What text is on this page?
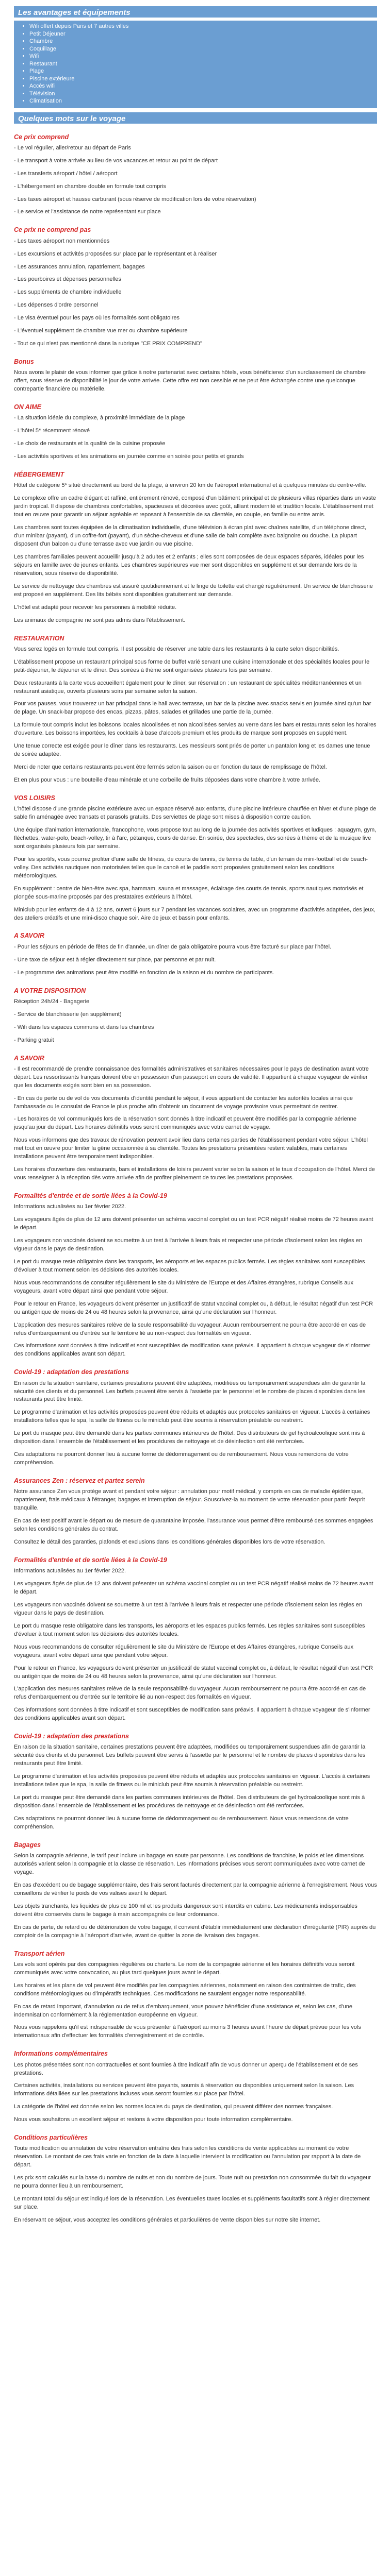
Les avantages et équipements
• Wifi offert depuis Paris et 7 autres villes
• Petit Déjeuner
• Chambre
• Coquillage
• Wifi
• Restaurant
• Plage
• Piscine extérieure
• Accès wifi
• Télévision
• Climatisation
Quelques mots sur le voyage
Ce prix comprend

- Le vol régulier, aller/retour au départ de Paris

- Le transport à votre arrivée au lieu de vos vacances et retour au point de départ

- Les transferts aéroport / hôtel / aéroport

- L'hébergement en chambre double en formule tout compris

- Les taxes aéroport et hausse carburant (sous réserve de modification lors de votre réservation)

- Le service et l'assistance de notre représentant sur place

Ce prix ne comprend pas

- Les taxes aéroport non mentionnées

- Les excursions et activités proposées sur place par le représentant et à réaliser

- Les assurances annulation, rapatriement, bagages

- Les pourboires et dépenses personnelles

- Les suppléments de chambre individuelle

- Les dépenses d'ordre personnel

- Le visa éventuel pour les pays où les formalités sont obligatoires

- L'éventuel supplément de chambre vue mer ou chambre supérieure

- Tout ce qui n'est pas mentionné dans la rubrique "CE PRIX COMPREND"

Bonus

Nous avons le plaisir de vous informer que grâce à notre partenariat avec certains hôtels, vous bénéficierez d'un surclassement de chambre offert, sous réserve de disponibilité le jour de votre arrivée. Cette offre est non cessible et ne peut être échangée contre une quelconque contrepartie financière ou matérielle.

ON AIME

- La situation idéale du complexe, à proximité immédiate de la plage

- L'hôtel 5* récemment rénové

- Le choix de restaurants et la qualité de la cuisine proposée

- Les activités sportives et les animations en journée comme en soirée pour petits et grands

HÉBERGEMENT

Hôtel de catégorie 5* situé directement au bord de la plage, à environ 20 km de l'aéroport international et à quelques minutes du centre-ville.

Le complexe offre un cadre élégant et raffiné, entièrement rénové, composé d'un bâtiment principal et de plusieurs villas réparties dans un vaste jardin tropical. Il dispose de chambres confortables, spacieuses et décorées avec goût, alliant modernité et tradition locale. L'établissement met tout en œuvre pour garantir un séjour agréable et reposant à l'ensemble de sa clientèle, en couple, en famille ou entre amis.

Les chambres sont toutes équipées de la climatisation individuelle, d'une télévision à écran plat avec chaînes satellite, d'un téléphone direct, d'un minibar (payant), d'un coffre-fort (payant), d'un sèche-cheveux et d'une salle de bain complète avec baignoire ou douche. La plupart disposent d'un balcon ou d'une terrasse avec vue jardin ou vue piscine.

Les chambres familiales peuvent accueillir jusqu'à 2 adultes et 2 enfants ; elles sont composées de deux espaces séparés, idéales pour les séjours en famille avec de jeunes enfants. Les chambres supérieures vue mer sont disponibles en supplément et sur demande lors de la réservation, sous réserve de disponibilité.

Le service de nettoyage des chambres est assuré quotidiennement et le linge de toilette est changé régulièrement. Un service de blanchisserie est proposé en supplément. Des lits bébés sont disponibles gratuitement sur demande.

L'hôtel est adapté pour recevoir les personnes à mobilité réduite.

Les animaux de compagnie ne sont pas admis dans l'établissement.

RESTAURATION

Vous serez logés en formule tout compris. Il est possible de réserver une table dans les restaurants à la carte selon disponibilités.

L'établissement propose un restaurant principal sous forme de buffet varié servant une cuisine internationale et des spécialités locales pour le petit-déjeuner, le déjeuner et le dîner. Des soirées à thème sont organisées plusieurs fois par semaine.

Deux restaurants à la carte vous accueillent également pour le dîner, sur réservation : un restaurant de spécialités méditerranéennes et un restaurant asiatique, ouverts plusieurs soirs par semaine selon la saison.

Pour vos pauses, vous trouverez un bar principal dans le hall avec terrasse, un bar de la piscine avec snacks servis en journée ainsi qu'un bar de plage. Un snack-bar propose des encas, pizzas, pâtes, salades et grillades une partie de la journée.

La formule tout compris inclut les boissons locales alcoolisées et non alcoolisées servies au verre dans les bars et restaurants selon les horaires d'ouverture. Les boissons importées, les cocktails à base d'alcools premium et les produits de marque sont proposés en supplément.

Une tenue correcte est exigée pour le dîner dans les restaurants. Les messieurs sont priés de porter un pantalon long et les dames une tenue de soirée adaptée.

Merci de noter que certains restaurants peuvent être fermés selon la saison ou en fonction du taux de remplissage de l'hôtel.

Et en plus pour vous : une bouteille d'eau minérale et une corbeille de fruits déposées dans votre chambre à votre arrivée.

VOS LOISIRS

L'hôtel dispose d'une grande piscine extérieure avec un espace réservé aux enfants, d'une piscine intérieure chauffée en hiver et d'une plage de sable fin aménagée avec transats et parasols gratuits. Des serviettes de plage sont mises à disposition contre caution.

Une équipe d'animation internationale, francophone, vous propose tout au long de la journée des activités sportives et ludiques : aquagym, gym, fléchettes, water-polo, beach-volley, tir à l'arc, pétanque, cours de danse. En soirée, des spectacles, des soirées à thème et de la musique live sont organisés plusieurs fois par semaine.

Pour les sportifs, vous pourrez profiter d'une salle de fitness, de courts de tennis, de tennis de table, d'un terrain de mini-football et de beach-volley. Des activités nautiques non motorisées telles que le canoë et le paddle sont proposées gratuitement selon les conditions météorologiques.

En supplément : centre de bien-être avec spa, hammam, sauna et massages, éclairage des courts de tennis, sports nautiques motorisés et plongée sous-marine proposés par des prestataires extérieurs à l'hôtel.

Miniclub pour les enfants de 4 à 12 ans, ouvert 6 jours sur 7 pendant les vacances scolaires, avec un programme d'activités adaptées, des jeux, des ateliers créatifs et une mini-disco chaque soir. Aire de jeux et bassin pour enfants.

A SAVOIR

- Pour les séjours en période de fêtes de fin d'année, un dîner de gala obligatoire pourra vous être facturé sur place par l'hôtel.

- Une taxe de séjour est à régler directement sur place, par personne et par nuit.

- Le programme des animations peut être modifié en fonction de la saison et du nombre de participants.

A VOTRE DISPOSITION

Réception 24h/24 - Bagagerie

- Service de blanchisserie (en supplément)

- Wifi dans les espaces communs et dans les chambres

- Parking gratuit

A SAVOIR

- Il est recommandé de prendre connaissance des formalités administratives et sanitaires nécessaires pour le pays de destination avant votre départ. Les ressortissants français doivent être en possession d'un passeport en cours de validité. Il appartient à chaque voyageur de vérifier que les documents exigés sont bien en sa possession.

- En cas de perte ou de vol de vos documents d'identité pendant le séjour, il vous appartient de contacter les autorités locales ainsi que l'ambassade ou le consulat de France le plus proche afin d'obtenir un document de voyage provisoire vous permettant de rentrer.

- Les horaires de vol communiqués lors de la réservation sont donnés à titre indicatif et peuvent être modifiés par la compagnie aérienne jusqu'au jour du départ. Les horaires définitifs vous seront communiqués avec votre carnet de voyage.

Nous vous informons que des travaux de rénovation peuvent avoir lieu dans certaines parties de l'établissement pendant votre séjour. L'hôtel met tout en œuvre pour limiter la gêne occasionnée à sa clientèle. Toutes les prestations présentées restent valables, mais certaines installations peuvent être temporairement indisponibles.

Les horaires d'ouverture des restaurants, bars et installations de loisirs peuvent varier selon la saison et le taux d'occupation de l'hôtel. Merci de vous renseigner à la réception dès votre arrivée afin de profiter pleinement de toutes les prestations proposées.

Formalités d'entrée et de sortie liées à la Covid-19

Informations actualisées au 1er février 2022.

Les voyageurs âgés de plus de 12 ans doivent présenter un schéma vaccinal complet ou un test PCR négatif réalisé moins de 72 heures avant le départ.

Les voyageurs non vaccinés doivent se soumettre à un test à l'arrivée à leurs frais et respecter une période d'isolement selon les règles en vigueur dans le pays de destination.

Le port du masque reste obligatoire dans les transports, les aéroports et les espaces publics fermés. Les règles sanitaires sont susceptibles d'évoluer à tout moment selon les décisions des autorités locales.

Nous vous recommandons de consulter régulièrement le site du Ministère de l'Europe et des Affaires étrangères, rubrique Conseils aux voyageurs, avant votre départ ainsi que pendant votre séjour.

Pour le retour en France, les voyageurs doivent présenter un justificatif de statut vaccinal complet ou, à défaut, le résultat négatif d'un test PCR ou antigénique de moins de 24 ou 48 heures selon la provenance, ainsi qu'une déclaration sur l'honneur.

L'application des mesures sanitaires relève de la seule responsabilité du voyageur. Aucun remboursement ne pourra être accordé en cas de refus d'embarquement ou d'entrée sur le territoire lié au non-respect des formalités en vigueur.

Ces informations sont données à titre indicatif et sont susceptibles de modification sans préavis. Il appartient à chaque voyageur de s'informer des conditions applicables avant son départ.

Covid-19 : adaptation des prestations

En raison de la situation sanitaire, certaines prestations peuvent être adaptées, modifiées ou temporairement suspendues afin de garantir la sécurité des clients et du personnel. Les buffets peuvent être servis à l'assiette par le personnel et le nombre de places disponibles dans les restaurants peut être limité.

Le programme d'animation et les activités proposées peuvent être réduits et adaptés aux protocoles sanitaires en vigueur. L'accès à certaines installations telles que le spa, la salle de fitness ou le miniclub peut être soumis à réservation préalable ou restreint.

Le port du masque peut être demandé dans les parties communes intérieures de l'hôtel. Des distributeurs de gel hydroalcoolique sont mis à disposition dans l'ensemble de l'établissement et les procédures de nettoyage et de désinfection ont été renforcées.

Ces adaptations ne pourront donner lieu à aucune forme de dédommagement ou de remboursement. Nous vous remercions de votre compréhension.

Assurances Zen : réservez et partez serein

Notre assurance Zen vous protège avant et pendant votre séjour : annulation pour motif médical, y compris en cas de maladie épidémique, rapatriement, frais médicaux à l'étranger, bagages et interruption de séjour. Souscrivez-la au moment de votre réservation pour partir l'esprit tranquille.

En cas de test positif avant le départ ou de mesure de quarantaine imposée, l'assurance vous permet d'être remboursé des sommes engagées selon les conditions générales du contrat.

Consultez le détail des garanties, plafonds et exclusions dans les conditions générales disponibles lors de votre réservation.

Formalités d'entrée et de sortie liées à la Covid-19

Informations actualisées au 1er février 2022.

Les voyageurs âgés de plus de 12 ans doivent présenter un schéma vaccinal complet ou un test PCR négatif réalisé moins de 72 heures avant le départ.

Les voyageurs non vaccinés doivent se soumettre à un test à l'arrivée à leurs frais et respecter une période d'isolement selon les règles en vigueur dans le pays de destination.

Le port du masque reste obligatoire dans les transports, les aéroports et les espaces publics fermés. Les règles sanitaires sont susceptibles d'évoluer à tout moment selon les décisions des autorités locales.

Nous vous recommandons de consulter régulièrement le site du Ministère de l'Europe et des Affaires étrangères, rubrique Conseils aux voyageurs, avant votre départ ainsi que pendant votre séjour.

Pour le retour en France, les voyageurs doivent présenter un justificatif de statut vaccinal complet ou, à défaut, le résultat négatif d'un test PCR ou antigénique de moins de 24 ou 48 heures selon la provenance, ainsi qu'une déclaration sur l'honneur.

L'application des mesures sanitaires relève de la seule responsabilité du voyageur. Aucun remboursement ne pourra être accordé en cas de refus d'embarquement ou d'entrée sur le territoire lié au non-respect des formalités en vigueur.

Ces informations sont données à titre indicatif et sont susceptibles de modification sans préavis. Il appartient à chaque voyageur de s'informer des conditions applicables avant son départ.

Covid-19 : adaptation des prestations

En raison de la situation sanitaire, certaines prestations peuvent être adaptées, modifiées ou temporairement suspendues afin de garantir la sécurité des clients et du personnel. Les buffets peuvent être servis à l'assiette par le personnel et le nombre de places disponibles dans les restaurants peut être limité.

Le programme d'animation et les activités proposées peuvent être réduits et adaptés aux protocoles sanitaires en vigueur. L'accès à certaines installations telles que le spa, la salle de fitness ou le miniclub peut être soumis à réservation préalable ou restreint.

Le port du masque peut être demandé dans les parties communes intérieures de l'hôtel. Des distributeurs de gel hydroalcoolique sont mis à disposition dans l'ensemble de l'établissement et les procédures de nettoyage et de désinfection ont été renforcées.

Ces adaptations ne pourront donner lieu à aucune forme de dédommagement ou de remboursement. Nous vous remercions de votre compréhension.

Bagages

Selon la compagnie aérienne, le tarif peut inclure un bagage en soute par personne. Les conditions de franchise, le poids et les dimensions autorisés varient selon la compagnie et la classe de réservation. Les informations précises vous seront communiquées avec votre carnet de voyage.

En cas d'excédent ou de bagage supplémentaire, des frais seront facturés directement par la compagnie aérienne à l'enregistrement. Nous vous conseillons de vérifier le poids de vos valises avant le départ.

Les objets tranchants, les liquides de plus de 100 ml et les produits dangereux sont interdits en cabine. Les médicaments indispensables doivent être conservés dans le bagage à main accompagnés de leur ordonnance.

En cas de perte, de retard ou de détérioration de votre bagage, il convient d'établir immédiatement une déclaration d'irrégularité (PIR) auprès du comptoir de la compagnie à l'aéroport d'arrivée, avant de quitter la zone de livraison des bagages.

Transport aérien

Les vols sont opérés par des compagnies régulières ou charters. Le nom de la compagnie aérienne et les horaires définitifs vous seront communiqués avec votre convocation, au plus tard quelques jours avant le départ.

Les horaires et les plans de vol peuvent être modifiés par les compagnies aériennes, notamment en raison des contraintes de trafic, des conditions météorologiques ou d'impératifs techniques. Ces modifications ne sauraient engager notre responsabilité.

En cas de retard important, d'annulation ou de refus d'embarquement, vous pouvez bénéficier d'une assistance et, selon les cas, d'une indemnisation conformément à la réglementation européenne en vigueur.

Nous vous rappelons qu'il est indispensable de vous présenter à l'aéroport au moins 3 heures avant l'heure de départ prévue pour les vols internationaux afin d'effectuer les formalités d'enregistrement et de contrôle.

Informations complémentaires

Les photos présentées sont non contractuelles et sont fournies à titre indicatif afin de vous donner un aperçu de l'établissement et de ses prestations.

Certaines activités, installations ou services peuvent être payants, soumis à réservation ou disponibles uniquement selon la saison. Les informations détaillées sur les prestations incluses vous seront fournies sur place par l'hôtel.

La catégorie de l'hôtel est donnée selon les normes locales du pays de destination, qui peuvent différer des normes françaises.

Nous vous souhaitons un excellent séjour et restons à votre disposition pour toute information complémentaire.

Conditions particulières

Toute modification ou annulation de votre réservation entraîne des frais selon les conditions de vente applicables au moment de votre réservation. Le montant de ces frais varie en fonction de la date à laquelle intervient la modification ou l'annulation par rapport à la date de départ.

Les prix sont calculés sur la base du nombre de nuits et non du nombre de jours. Toute nuit ou prestation non consommée du fait du voyageur ne pourra donner lieu à un remboursement.

Le montant total du séjour est indiqué lors de la réservation. Les éventuelles taxes locales et suppléments facultatifs sont à régler directement sur place.

En réservant ce séjour, vous acceptez les conditions générales et particulières de vente disponibles sur notre site internet.
